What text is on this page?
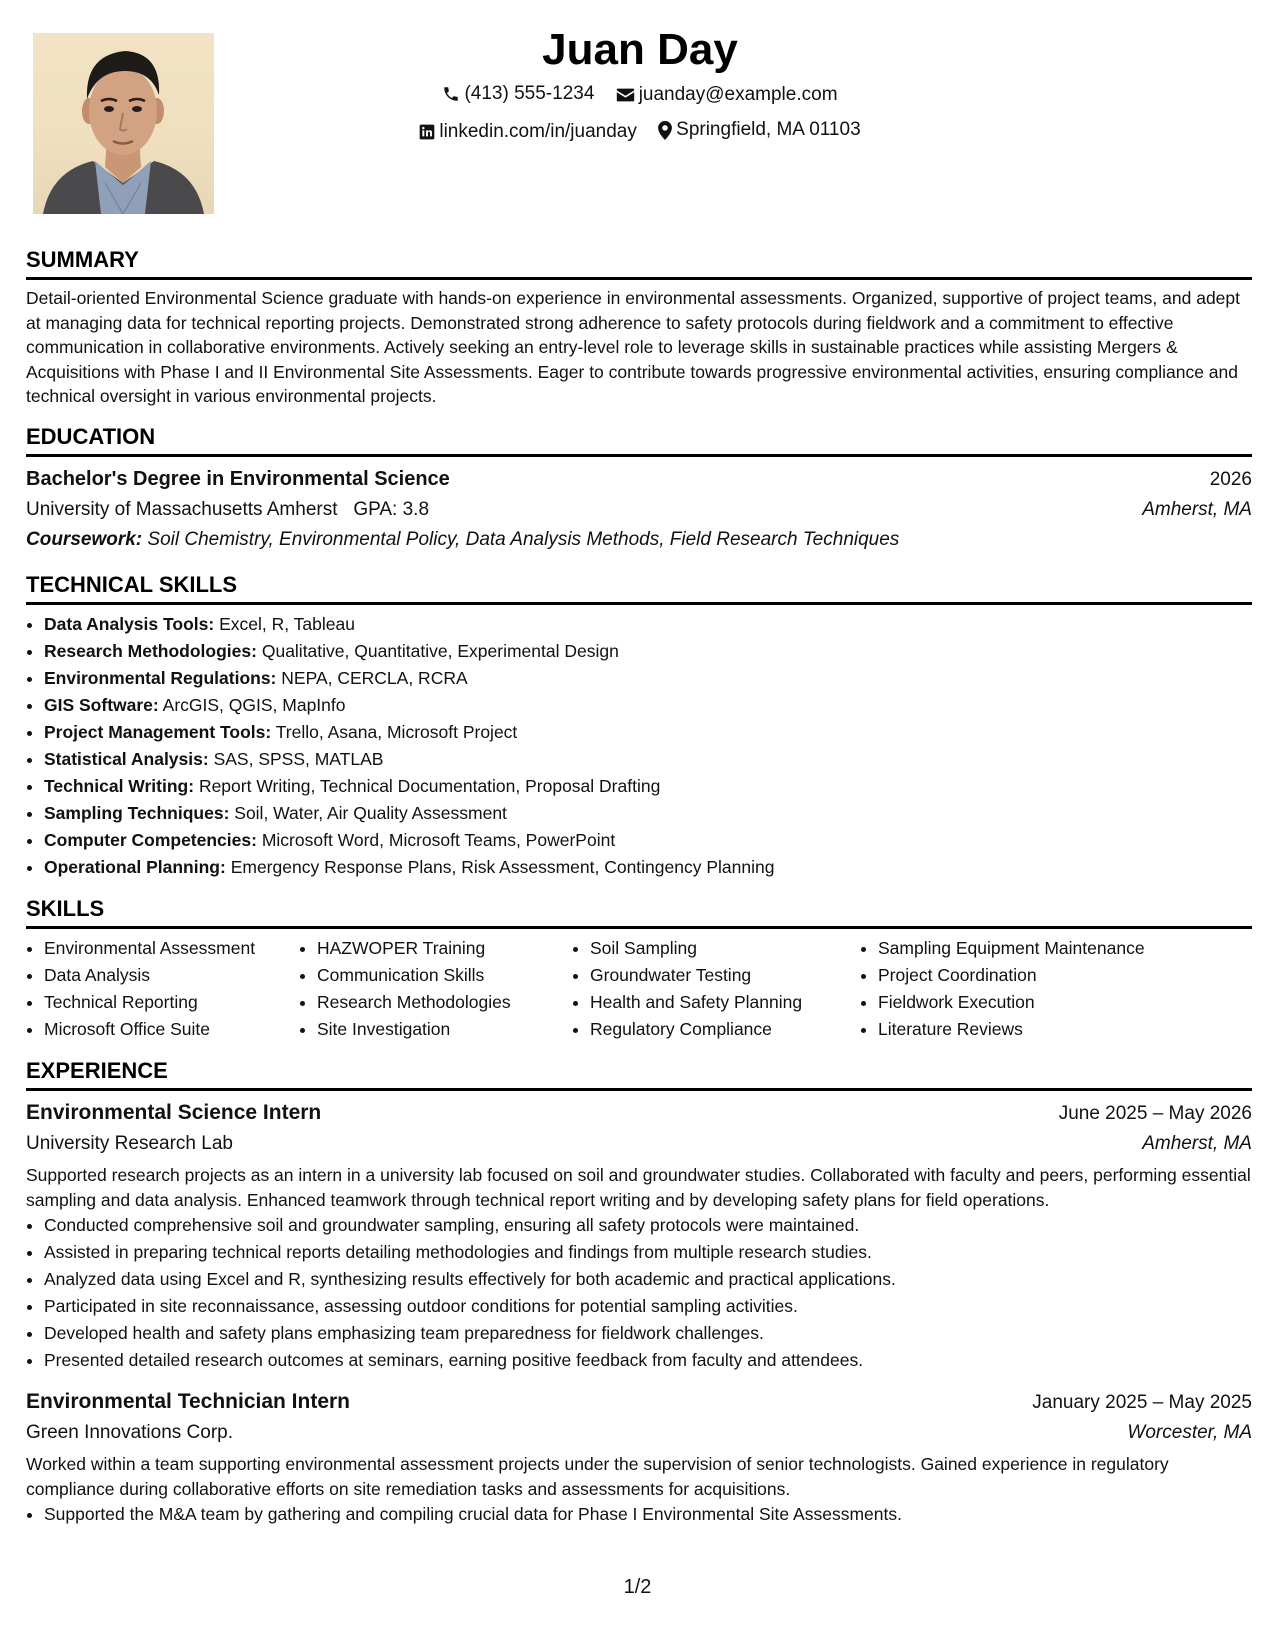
Juan Day
(413) 555-1234
juanday@example.com
linkedin.com/in/juanday
Springfield, MA 01103
SUMMARY

Detail-oriented Environmental Science graduate with hands-on experience in environmental assessments. Organized, supportive of project teams, and adept at managing data for technical reporting projects. Demonstrated strong adherence to safety protocols during fieldwork and a commitment to effective communication in collaborative environments. Actively seeking an entry-level role to leverage skills in sustainable practices while assisting Mergers & Acquisitions with Phase I and II Environmental Site Assessments. Eager to contribute towards progressive environmental activities, ensuring compliance and technical oversight in various environmental projects.

EDUCATION
Bachelor's Degree in Environmental Science	2026
University of Massachusetts Amherst GPA: 3.8	Amherst, MA
Coursework: Soil Chemistry, Environmental Policy, Data Analysis Methods, Field Research Techniques
TECHNICAL SKILLS
• Data Analysis Tools: Excel, R, Tableau
• Research Methodologies: Qualitative, Quantitative, Experimental Design
• Environmental Regulations: NEPA, CERCLA, RCRA
• GIS Software: ArcGIS, QGIS, MapInfo
• Project Management Tools: Trello, Asana, Microsoft Project
• Statistical Analysis: SAS, SPSS, MATLAB
• Technical Writing: Report Writing, Technical Documentation, Proposal Drafting
• Sampling Techniques: Soil, Water, Air Quality Assessment
• Computer Competencies: Microsoft Word, Microsoft Teams, PowerPoint
• Operational Planning: Emergency Response Plans, Risk Assessment, Contingency Planning
SKILLS
• Environmental Assessment
• Data Analysis
• Technical Reporting
• Microsoft Office Suite
• HAZWOPER Training
• Communication Skills
• Research Methodologies
• Site Investigation
• Soil Sampling
• Groundwater Testing
• Health and Safety Planning
• Regulatory Compliance
• Sampling Equipment Maintenance
• Project Coordination
• Fieldwork Execution
• Literature Reviews
EXPERIENCE
Environmental Science Intern	June 2025 – May 2026
University Research Lab	Amherst, MA

Supported research projects as an intern in a university lab focused on soil and groundwater studies. Collaborated with faculty and peers, performing essential sampling and data analysis. Enhanced teamwork through technical report writing and by developing safety plans for field operations.

• Conducted comprehensive soil and groundwater sampling, ensuring all safety protocols were maintained.
• Assisted in preparing technical reports detailing methodologies and findings from multiple research studies.
• Analyzed data using Excel and R, synthesizing results effectively for both academic and practical applications.
• Participated in site reconnaissance, assessing outdoor conditions for potential sampling activities.
• Developed health and safety plans emphasizing team preparedness for fieldwork challenges.
• Presented detailed research outcomes at seminars, earning positive feedback from faculty and attendees.
Environmental Technician Intern	January 2025 – May 2025
Green Innovations Corp.	Worcester, MA

Worked within a team supporting environmental assessment projects under the supervision of senior technologists. Gained experience in regulatory compliance during collaborative efforts on site remediation tasks and assessments for acquisitions.

• Supported the M&A team by gathering and compiling crucial data for Phase I Environmental Site Assessments.
1/2
